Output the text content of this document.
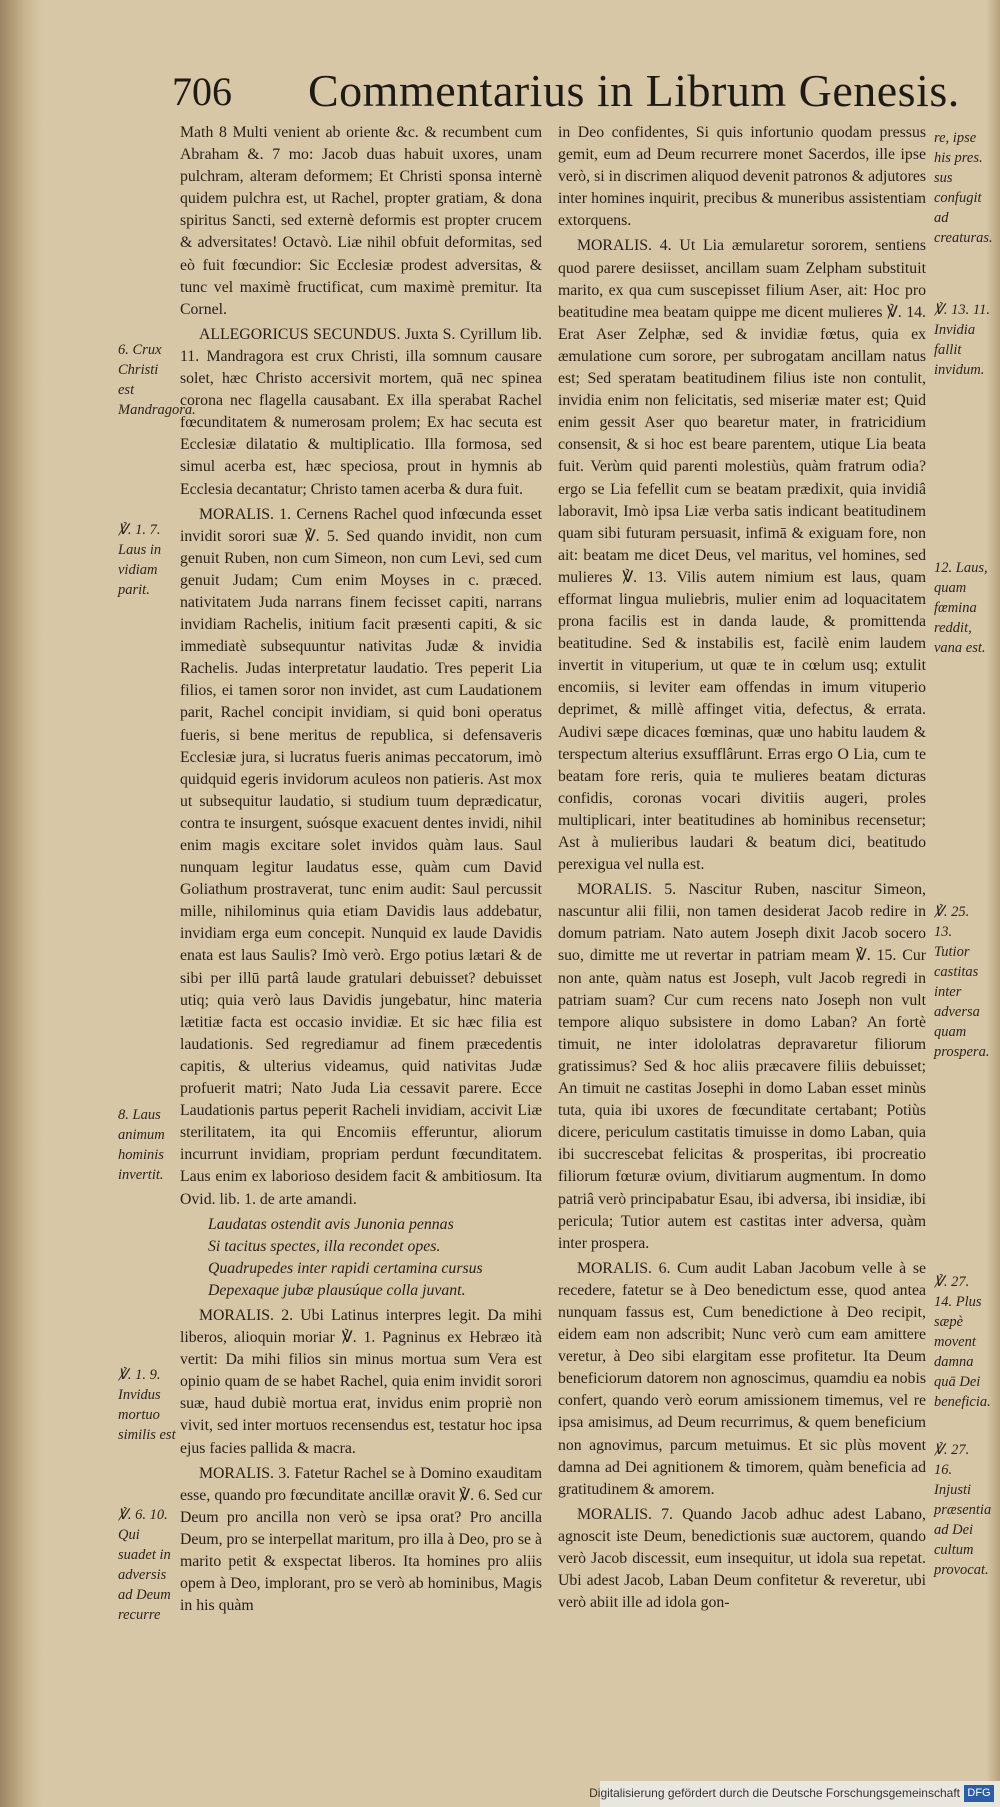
706 Commentarius in Librum Genesis.

Math 8 Multi venient ab oriente &c. & recumbent cum Abraham &. 7 mo: Jacob duas habuit uxores, unam pulchram, alteram deformem; Et Christi sponsa internè quidem pulchra est, ut Rachel, propter gratiam, & dona spiritus Sancti, sed externè deformis est propter crucem & adversitates! Octavò. Liæ nihil obfuit deformitas, sed eò fuit fœcundior: Sic Ecclesiæ prodest adversitas, & tunc vel maximè fructificat, cum maximè premitur. Ita Cornel.

ALLEGORICUS SECUNDUS. Juxta S. Cyrillum lib. 11. Mandragora est crux Christi, illa somnum causare solet, hæc Christo accersivit mortem, quā nec spinea corona nec flagella causabant. Ex illa sperabat Rachel fœcunditatem & numerosam prolem; Ex hac secuta est Ecclesiæ dilatatio & multiplicatio. Illa formosa, sed simul acerba est, hæc speciosa, prout in hymnis ab Ecclesia decantatur; Christo tamen acerba & dura fuit.

MORALIS. 1. Cernens Rachel quod infœcunda esset invidit sorori suæ ℣. 5. Sed quando invidit, non cum genuit Ruben, non cum Simeon, non cum Levi, sed cum genuit Judam; Cum enim Moyses in c. præced. nativitatem Juda narrans finem fecisset capiti, narrans invidiam Rachelis, initium facit præsenti capiti, & sic immediatè subsequuntur nativitas Judæ & invidia Rachelis. Judas interpretatur laudatio. Tres peperit Lia filios, ei tamen soror non invidet, ast cum Laudationem parit, Rachel concipit invidiam, si quid boni operatus fueris, si bene meritus de republica, si defensaveris Ecclesiæ jura, si lucratus fueris animas peccatorum, imò quidquid egeris invidorum aculeos non patieris. Ast mox ut subsequitur laudatio, si studium tuum deprædicatur, contra te insurgent, suósque exacuent dentes invidi, nihil enim magis excitare solet invidos quàm laus. Saul nunquam legitur laudatus esse, quàm cum David Goliathum prostraverat, tunc enim audit: Saul percussit mille, nihilominus quia etiam Davidis laus addebatur, invidiam erga eum concepit. Nunquid ex laude Davidis enata est laus Saulis? Imò verò. Ergo potius lætari & de sibi per illū partâ laude gratulari debuisset? debuisset utiq; quia verò laus Davidis jungebatur, hinc materia lætitiæ facta est occasio invidiæ. Et sic hæc filia est laudationis. Sed regrediamur ad finem præcedentis capitis, & ulterius videamus, quid nativitas Judæ profuerit matri; Nato Juda Lia cessavit parere. Ecce Laudationis partus peperit Racheli invidiam, accivit Liæ sterilitatem, ita qui Encomiis efferuntur, aliorum incurrunt invidiam, propriam perdunt fœcunditatem. Laus enim ex laborioso desidem facit & ambitiosum. Ita Ovid. lib. 1. de arte amandi.

Laudatas ostendit avis Junonia pennas
Si tacitus spectes, illa recondet opes.
Quadrupedes inter rapidi certamina cursus
Depexaque jubæ plausúque colla juvant.

MORALIS. 2. Ubi Latinus interpres legit. Da mihi liberos, alioquin moriar ℣. 1. Pagninus ex Hebræo ità vertit: Da mihi filios sin minus mortua sum Vera est opinio quam de se habet Rachel, quia enim invidit sorori suæ, haud dubiè mortua erat, invidus enim propriè non vivit, sed inter mortuos recensendus est, testatur hoc ipsa ejus facies pallida & macra.

MORALIS. 3. Fatetur Rachel se à Domino exauditam esse, quando pro fœcunditate ancillæ oravit ℣. 6. Sed cur Deum pro ancilla non verò se ipsa orat? Pro ancilla Deum, pro se interpellat maritum, pro illa à Deo, pro se à marito petit & exspectat liberos. Ita homines pro aliis opem à Deo, implorant, pro se verò ab hominibus, Magis in his quàm

in Deo confidentes, Si quis infortunio quodam pressus gemit, eum ad Deum recurrere monet Sacerdos, ille ipse verò, si in discrimen aliquod devenit patronos & adjutores inter homines inquirit, precibus & muneribus assistentiam extorquens.

MORALIS. 4. Ut Lia æmularetur sororem, sentiens quod parere desiisset, ancillam suam Zelpham substituit marito, ex qua cum suscepisset filium Aser, ait: Hoc pro beatitudine mea beatam quippe me dicent mulieres ℣. 14. Erat Aser Zelphæ, sed & invidiæ fœtus, quia ex æmulatione cum sorore, per subrogatam ancillam natus est; Sed speratam beatitudinem filius iste non contulit, invidia enim non felicitatis, sed miseriæ mater est; Quid enim gessit Aser quo bearetur mater, in fratricidium consensit, & si hoc est beare parentem, utique Lia beata fuit. Verùm quid parenti molestiùs, quàm fratrum odia? ergo se Lia fefellit cum se beatam prædixit, quia invidiâ laboravit, Imò ipsa Liæ verba satis indicant beatitudinem quam sibi futuram persuasit, infimā & exiguam fore, non ait: beatam me dicet Deus, vel maritus, vel homines, sed mulieres ℣. 13. Vilis autem nimium est laus, quam efformat lingua muliebris, mulier enim ad loquacitatem prona facilis est in danda laude, & promittenda beatitudine. Sed & instabilis est, facilè enim laudem invertit in vituperium, ut quæ te in cœlum usq; extulit encomiis, si leviter eam offendas in imum vituperio deprimet, & millè affinget vitia, defectus, & errata. Audivi sæpe dicaces fœminas, quæ uno habitu laudem & terspectum alterius exsufflârunt. Erras ergo O Lia, cum te beatam fore reris, quia te mulieres beatam dicturas confidis, coronas vocari divitiis augeri, proles multiplicari, inter beatitudines ab hominibus recensetur; Ast à mulieribus laudari & beatum dici, beatitudo perexigua vel nulla est.

MORALIS. 5. Nascitur Ruben, nascitur Simeon, nascuntur alii filii, non tamen desiderat Jacob redire in domum patriam. Nato autem Joseph dixit Jacob socero suo, dimitte me ut revertar in patriam meam ℣. 15. Cur non ante, quàm natus est Joseph, vult Jacob regredi in patriam suam? Cur cum recens nato Joseph non vult tempore aliquo subsistere in domo Laban? An fortè timuit, ne inter idololatras depravaretur filiorum gratissimus? Sed & hoc aliis præcavere filiis debuisset; An timuit ne castitas Josephi in domo Laban esset minùs tuta, quia ibi uxores de fœcunditate certabant; Potiùs dicere, periculum castitatis timuisse in domo Laban, quia ibi succrescebat felicitas & prosperitas, ibi procreatio filiorum fœturæ ovium, divitiarum augmentum. In domo patriâ verò principabatur Esau, ibi adversa, ibi insidiæ, ibi pericula; Tutior autem est castitas inter adversa, quàm inter prospera.

MORALIS. 6. Cum audit Laban Jacobum velle à se recedere, fatetur se à Deo benedictum esse, quod antea nunquam fassus est, Cum benedictione à Deo recipit, eidem eam non adscribit; Nunc verò cum eam amittere veretur, à Deo sibi elargitam esse profitetur. Ita Deum beneficiorum datorem non agnoscimus, quamdiu ea nobis confert, quando verò eorum amissionem timemus, vel re ipsa amisimus, ad Deum recurrimus, & quem beneficium non agnovimus, parcum metuimus. Et sic plùs movent damna ad Dei agnitionem & timorem, quàm beneficia ad gratitudinem & amorem.

MORALIS. 7. Quando Jacob adhuc adest Labano, agnoscit iste Deum, benedictionis suæ auctorem, quando verò Jacob discessit, eum insequitur, ut idola sua repetat. Ubi adest Jacob, Laban Deum confitetur & reveretur, ubi verò abiit ille ad idola gon-

6. Crux Christi est Mandragora.
℣. 1. 7. Laus in vidiam parit.
8. Laus animum hominis invertit.
℣. 1. 9. Invidus mortuo similis est
℣. 6. 10. Qui suadet in adversis ad Deum recurre
re, ipse his pres. sus confugit ad creaturas.
℣. 13. 11. Invidia fallit invidum.
12. Laus, quam fœmina reddit, vana est.
℣. 25. 13. Tutior castitas inter adversa quam prospera.
℣. 27. 14. Plus sæpè movent damna quā Dei beneficia.
℣. 27. 16. Injusti præsentia ad Dei cultum provocat.
Digitalisierung gefördert durch die Deutsche Forschungsgemeinschaft DFG
